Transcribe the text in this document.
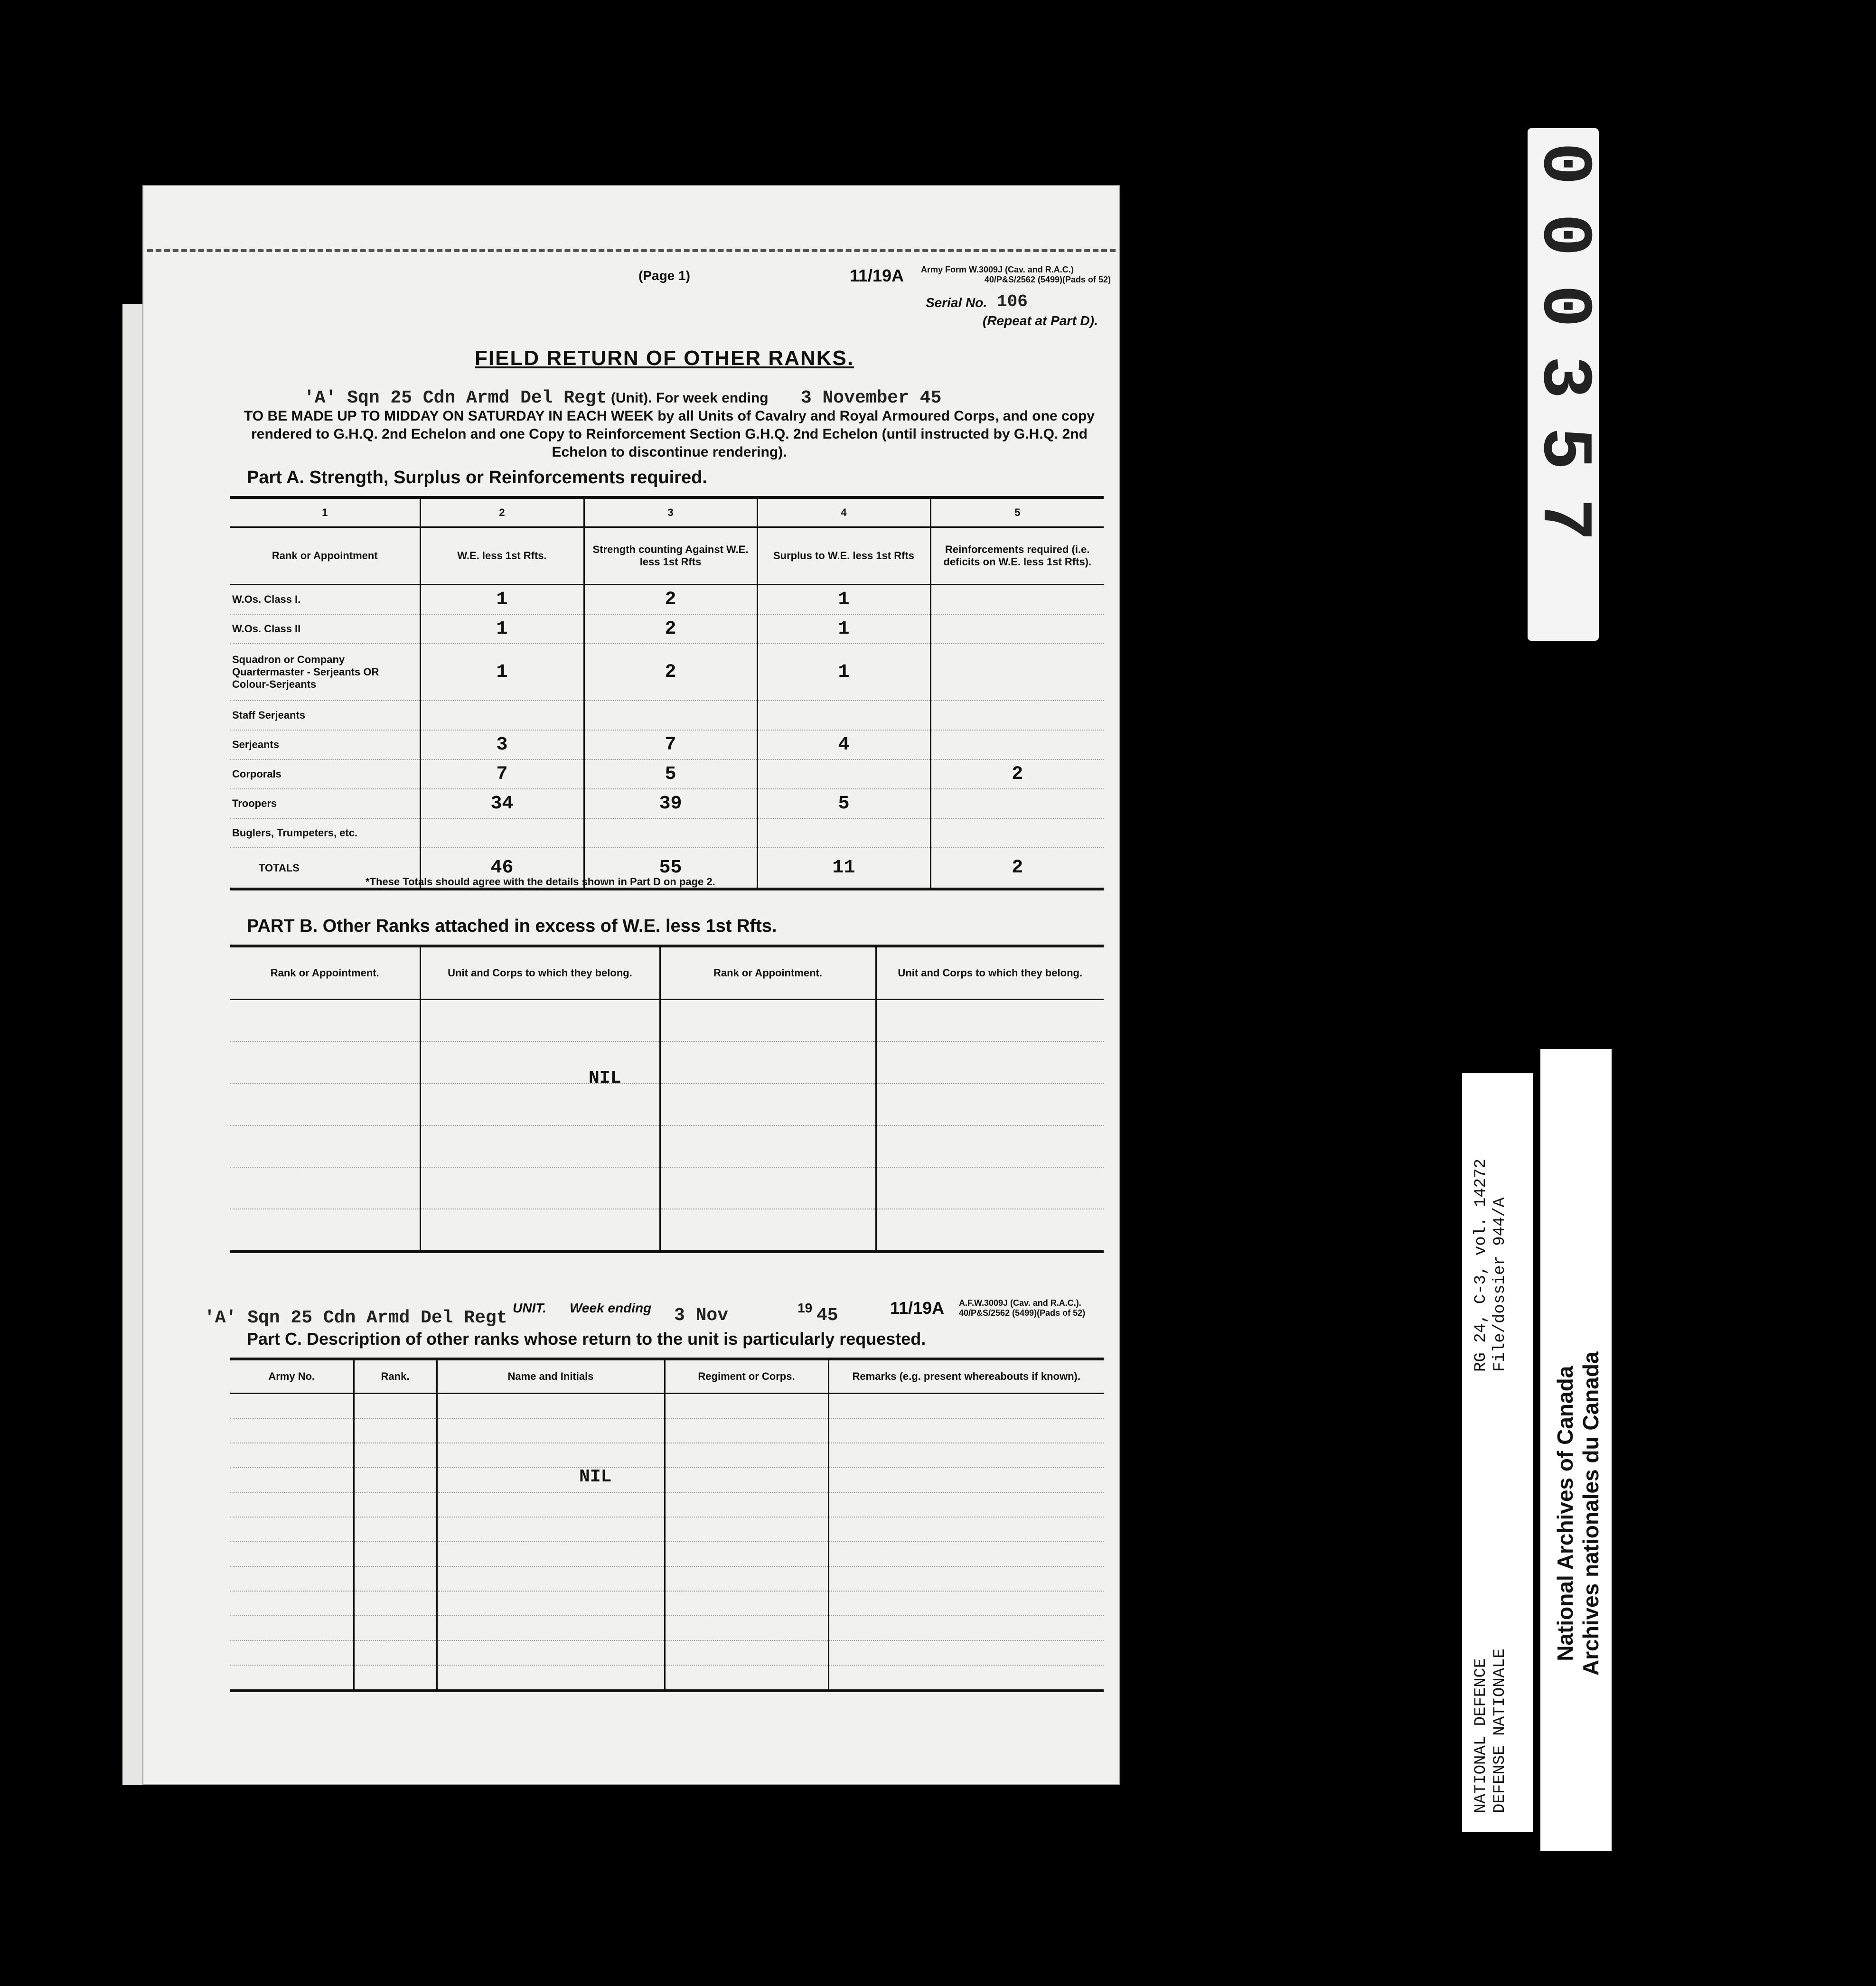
(Page 1)	11/19A Army Form W.3009J (Cav. and R.A.C.)
40/P&S/2562 (5499)(Pads of 52)
Serial No. 106
(Repeat at Part D).
FIELD RETURN OF OTHER RANKS.
'A' Sqn 25 Cdn Armd Del Regt (Unit). For week ending 3 November 45
TO BE MADE UP TO MIDDAY ON SATURDAY IN EACH WEEK by all Units of Cavalry and Royal Armoured Corps, and one copy rendered to G.H.Q. 2nd Echelon and one Copy to Reinforcement Section G.H.Q. 2nd Echelon (until instructed by G.H.Q. 2nd Echelon to discontinue rendering).
Part A. Strength, Surplus or Reinforcements required.
1	2	3	4	5
Rank or Appointment	W.E. less 1st Rfts.	Strength counting Against W.E. less 1st Rfts	Surplus to W.E. less 1st Rfts	Reinforcements required (i.e. deficits on W.E. less 1st Rfts).
W.Os. Class I.	1	2	1	
W.Os. Class II	1	2	1	
Squadron or Company Quartermaster - Serjeants OR Colour-Serjeants	1	2	1	
Staff Serjeants				
Serjeants	3	7	4	
Corporals	7	5		2
Troopers	34	39	5	
Buglers, Trumpeters, etc.				
TOTALS	46	55	11	2
*These Totals should agree with the details shown in Part D on page 2.
PART B. Other Ranks attached in excess of W.E. less 1st Rfts.
Rank or Appointment.	Unit and Corps to which they belong.	Rank or Appointment.	Unit and Corps to which they belong.

NIL
'A' Sqn 25 Cdn Armd Del Regt UNIT. Week ending 3 Nov	19 45	11/19A A.F.W.3009J (Cav. and R.A.C.). 40/P&S/2562 (5499)(Pads of 52)
Part C. Description of other ranks whose return to the unit is particularly requested.
Army No.	Rank.	Name and Initials	Regiment or Corps.	Remarks (e.g. present whereabouts if known).

NIL
0
0
0
3
5
7
RG 24, C-3, vol. 14272 File/dossier 944/A
NATIONAL DEFENCE DEFENSE NATIONALE
National Archives of Canada Archives nationales du Canada
